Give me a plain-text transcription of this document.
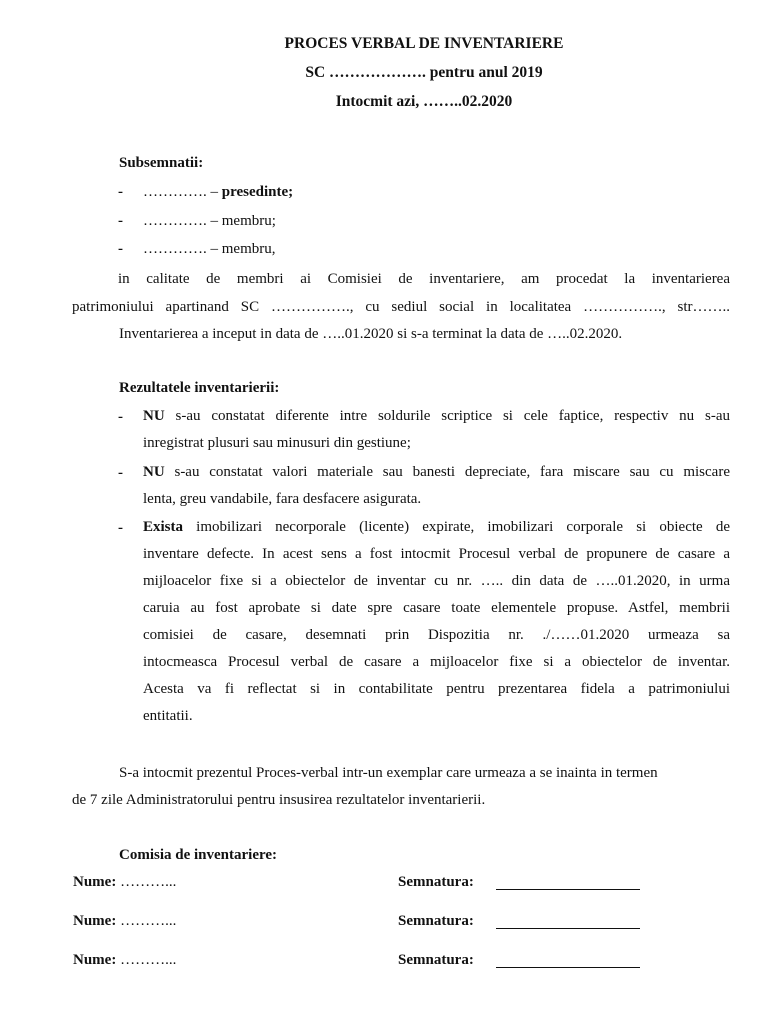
PROCES VERBAL DE INVENTARIERE
SC ………………. pentru anul 2019
Intocmit azi, ……..02.2020
Subsemnatii:
- …………. – presedinte;
- …………. – membru;
- …………. – membru,
in calitate de membri ai Comisiei de inventariere, am procedat la inventarierea
patrimoniului apartinand SC ……………., cu sediul social in localitatea ……………., str……..
Inventarierea a inceput in data de …..01.2020 si s-a terminat la data de …..02.2020.
Rezultatele inventarierii:
- NU s-au constatat diferente intre soldurile scriptice si cele faptice, respectiv nu s-au
inregistrat plusuri sau minusuri din gestiune;
- NU s-au constatat valori materiale sau banesti depreciate, fara miscare sau cu miscare
lenta, greu vandabile, fara desfacere asigurata.
- Exista imobilizari necorporale (licente) expirate, imobilizari corporale si obiecte de
inventare defecte. In acest sens a fost intocmit Procesul verbal de propunere de casare a
mijloacelor fixe si a obiectelor de inventar cu nr. ….. din data de …..01.2020, in urma
caruia au fost aprobate si date spre casare toate elementele propuse. Astfel, membrii
comisiei de casare, desemnati prin Dispozitia nr. ./……01.2020 urmeaza sa
intocmeasca Procesul verbal de casare a mijloacelor fixe si a obiectelor de inventar.
Acesta va fi reflectat si in contabilitate pentru prezentarea fidela a patrimoniului
entitatii.
S-a intocmit prezentul Proces-verbal intr-un exemplar care urmeaza a se inainta in termen
de 7 zile Administratorului pentru insusirea rezultatelor inventarierii.
Comisia de inventariere:
Nume: ………...	Semnatura:
Nume: ………...	Semnatura:
Nume: ………...	Semnatura:
